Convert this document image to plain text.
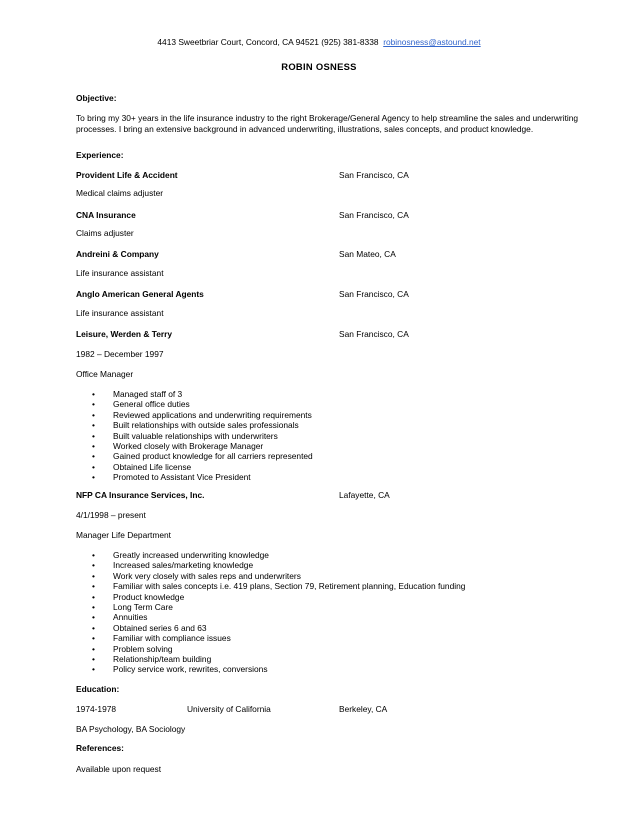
4413 Sweetbriar Court, Concord, CA 94521 (925) 381-8338 robinosness@astound.net
ROBIN OSNESS
Objective:
To bring my 30+ years in the life insurance industry to the right Brokerage/General Agency to help streamline the sales and underwriting processes. I bring an extensive background in advanced underwriting, illustrations, sales concepts, and product knowledge.
Experience:
Provident Life & Accident	San Francisco, CA
Medical claims adjuster
CNA Insurance	San Francisco, CA
Claims adjuster
Andreini & Company	San Mateo, CA
Life insurance assistant
Anglo American General Agents	San Francisco, CA
Life insurance assistant
Leisure, Werden & Terry	San Francisco, CA
1982 – December 1997
Office Manager
• Managed staff of 3
• General office duties
• Reviewed applications and underwriting requirements
• Built relationships with outside sales professionals
• Built valuable relationships with underwriters
• Worked closely with Brokerage Manager
• Gained product knowledge for all carriers represented
• Obtained Life license
• Promoted to Assistant Vice President
NFP CA Insurance Services, Inc.	Lafayette, CA
4/1/1998 – present
Manager Life Department
• Greatly increased underwriting knowledge
• Increased sales/marketing knowledge
• Work very closely with sales reps and underwriters
• Familiar with sales concepts i.e. 419 plans, Section 79, Retirement planning, Education funding
• Product knowledge
• Long Term Care
• Annuities
• Obtained series 6 and 63
• Familiar with compliance issues
• Problem solving
• Relationship/team building
• Policy service work, rewrites, conversions
Education:
1974-1978	University of California	Berkeley, CA
BA Psychology, BA Sociology
References:
Available upon request
